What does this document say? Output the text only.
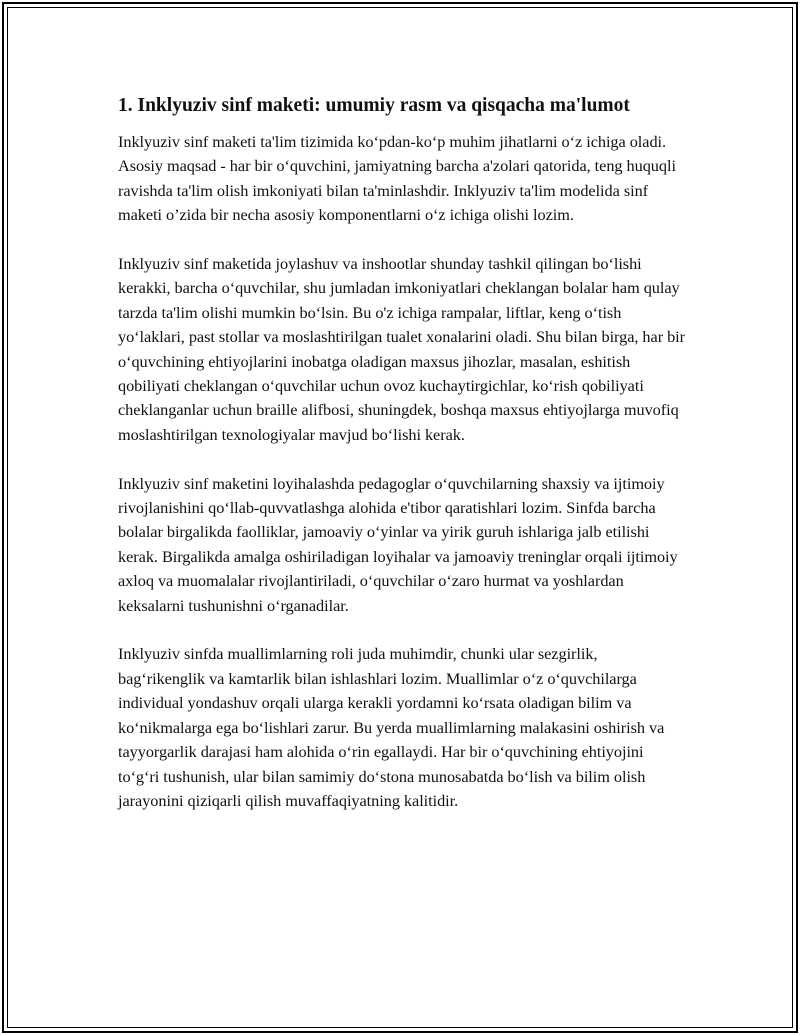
1. Inklyuziv sinf maketi: umumiy rasm va qisqacha ma'lumot

Inklyuziv sinf maketi ta'lim tizimida ko‘pdan-ko‘p muhim jihatlarni o‘z ichiga oladi. Asosiy maqsad - har bir o‘quvchini, jamiyatning barcha a'zolari qatorida, teng huquqli ravishda ta'lim olish imkoniyati bilan ta'minlashdir. Inklyuziv ta'lim modelida sinf maketi o’zida bir necha asosiy komponentlarni o‘z ichiga olishi lozim.

Inklyuziv sinf maketida joylashuv va inshootlar shunday tashkil qilingan bo‘lishi kerakki, barcha o‘quvchilar, shu jumladan imkoniyatlari cheklangan bolalar ham qulay tarzda ta'lim olishi mumkin bo‘lsin. Bu o'z ichiga rampalar, liftlar, keng o‘tish yo‘laklari, past stollar va moslashtirilgan tualet xonalarini oladi. Shu bilan birga, har bir o‘quvchining ehtiyojlarini inobatga oladigan maxsus jihozlar, masalan, eshitish qobiliyati cheklangan o‘quvchilar uchun ovoz kuchaytirgichlar, ko‘rish qobiliyati cheklanganlar uchun braille alifbosi, shuningdek, boshqa maxsus ehtiyojlarga muvofiq moslashtirilgan texnologiyalar mavjud bo‘lishi kerak.

Inklyuziv sinf maketini loyihalashda pedagoglar o‘quvchilarning shaxsiy va ijtimoiy rivojlanishini qo‘llab-quvvatlashga alohida e'tibor qaratishlari lozim. Sinfda barcha bolalar birgalikda faolliklar, jamoaviy o‘yinlar va yirik guruh ishlariga jalb etilishi kerak. Birgalikda amalga oshiriladigan loyihalar va jamoaviy treninglar orqali ijtimoiy axloq va muomalalar rivojlantiriladi, o‘quvchilar o‘zaro hurmat va yoshlardan keksalarni tushunishni o‘rganadilar.

Inklyuziv sinfda muallimlarning roli juda muhimdir, chunki ular sezgirlik, bag‘rikenglik va kamtarlik bilan ishlashlari lozim. Muallimlar o‘z o‘quvchilarga individual yondashuv orqali ularga kerakli yordamni ko‘rsata oladigan bilim va ko‘nikmalarga ega bo‘lishlari zarur. Bu yerda muallimlarning malakasini oshirish va tayyorgarlik darajasi ham alohida o‘rin egallaydi. Har bir o‘quvchining ehtiyojini to‘g‘ri tushunish, ular bilan samimiy do‘stona munosabatda bo‘lish va bilim olish jarayonini qiziqarli qilish muvaffaqiyatning kalitidir.
